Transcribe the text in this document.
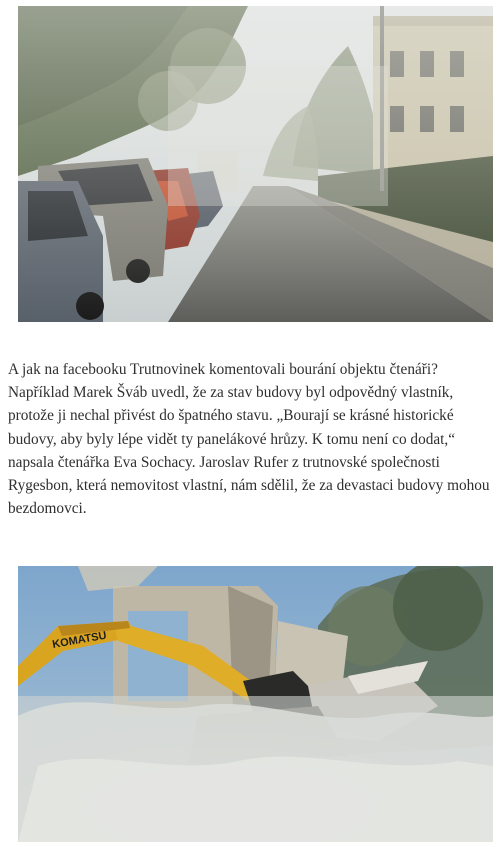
A jak na facebooku Trutnovinek komentovali bourání objektu čtenáři? Například Marek Šváb uvedl, že za stav budovy byl odpovědný vlastník, protože ji nechal přivést do špatného stavu. „Bourají se krásné historické budovy, aby byly lépe vidět ty panelákové hrůzy. K tomu není co dodat,“ napsala čtenářka Eva Sochacy. Jaroslav Rufer z trutnovské společnosti Rygesbon, která nemovitost vlastní, nám sdělil, že za devastaci budovy mohou bezdomovci.

KOMATSU
